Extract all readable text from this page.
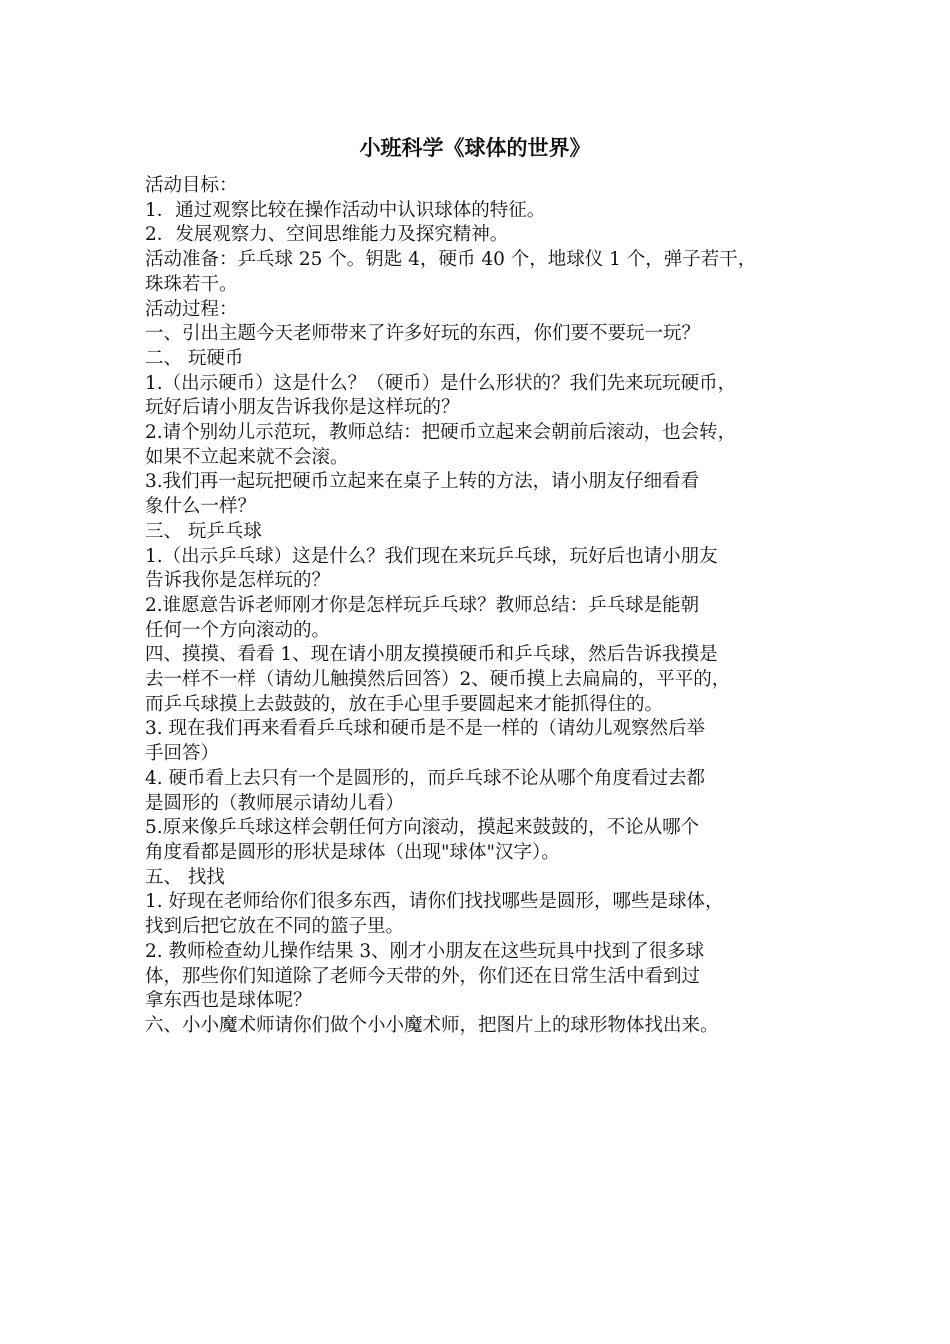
小班科学《球体的世界》

活动目标：

1．通过观察比较在操作活动中认识球体的特征。

2．发展观察力、空间思维能力及探究精神。

活动准备：乒乓球 25 个。钥匙 4，硬币 40 个，地球仪 1 个，弹子若干，

珠珠若干。

活动过程：

一、引出主题今天老师带来了许多好玩的东西，你们要不要玩一玩？

二、 玩硬币

1.（出示硬币）这是什么？（硬币）是什么形状的？我们先来玩玩硬币，

玩好后请小朋友告诉我你是这样玩的？

2.请个别幼儿示范玩，教师总结：把硬币立起来会朝前后滚动，也会转，

如果不立起来就不会滚。

3.我们再一起玩把硬币立起来在桌子上转的方法，请小朋友仔细看看

象什么一样？

三、 玩乒乓球

1.（出示乒乓球）这是什么？我们现在来玩乒乓球，玩好后也请小朋友

告诉我你是怎样玩的？

2.谁愿意告诉老师刚才你是怎样玩乒乓球？教师总结：乒乓球是能朝

任何一个方向滚动的。

四、摸摸、看看 1、现在请小朋友摸摸硬币和乒乓球，然后告诉我摸是

去一样不一样（请幼儿触摸然后回答）2、硬币摸上去扁扁的，平平的，

而乒乓球摸上去鼓鼓的，放在手心里手要圆起来才能抓得住的。

3. 现在我们再来看看乒乓球和硬币是不是一样的（请幼儿观察然后举

手回答）

4. 硬币看上去只有一个是圆形的，而乒乓球不论从哪个角度看过去都

是圆形的（教师展示请幼儿看）

5.原来像乒乓球这样会朝任何方向滚动，摸起来鼓鼓的，不论从哪个

角度看都是圆形的形状是球体（出现"球体"汉字）。

五、 找找

1. 好现在老师给你们很多东西，请你们找找哪些是圆形，哪些是球体，

找到后把它放在不同的篮子里。

2. 教师检查幼儿操作结果 3、刚才小朋友在这些玩具中找到了很多球

体，那些你们知道除了老师今天带的外，你们还在日常生活中看到过

拿东西也是球体呢？

六、小小魔术师请你们做个小小魔术师，把图片上的球形物体找出来。
